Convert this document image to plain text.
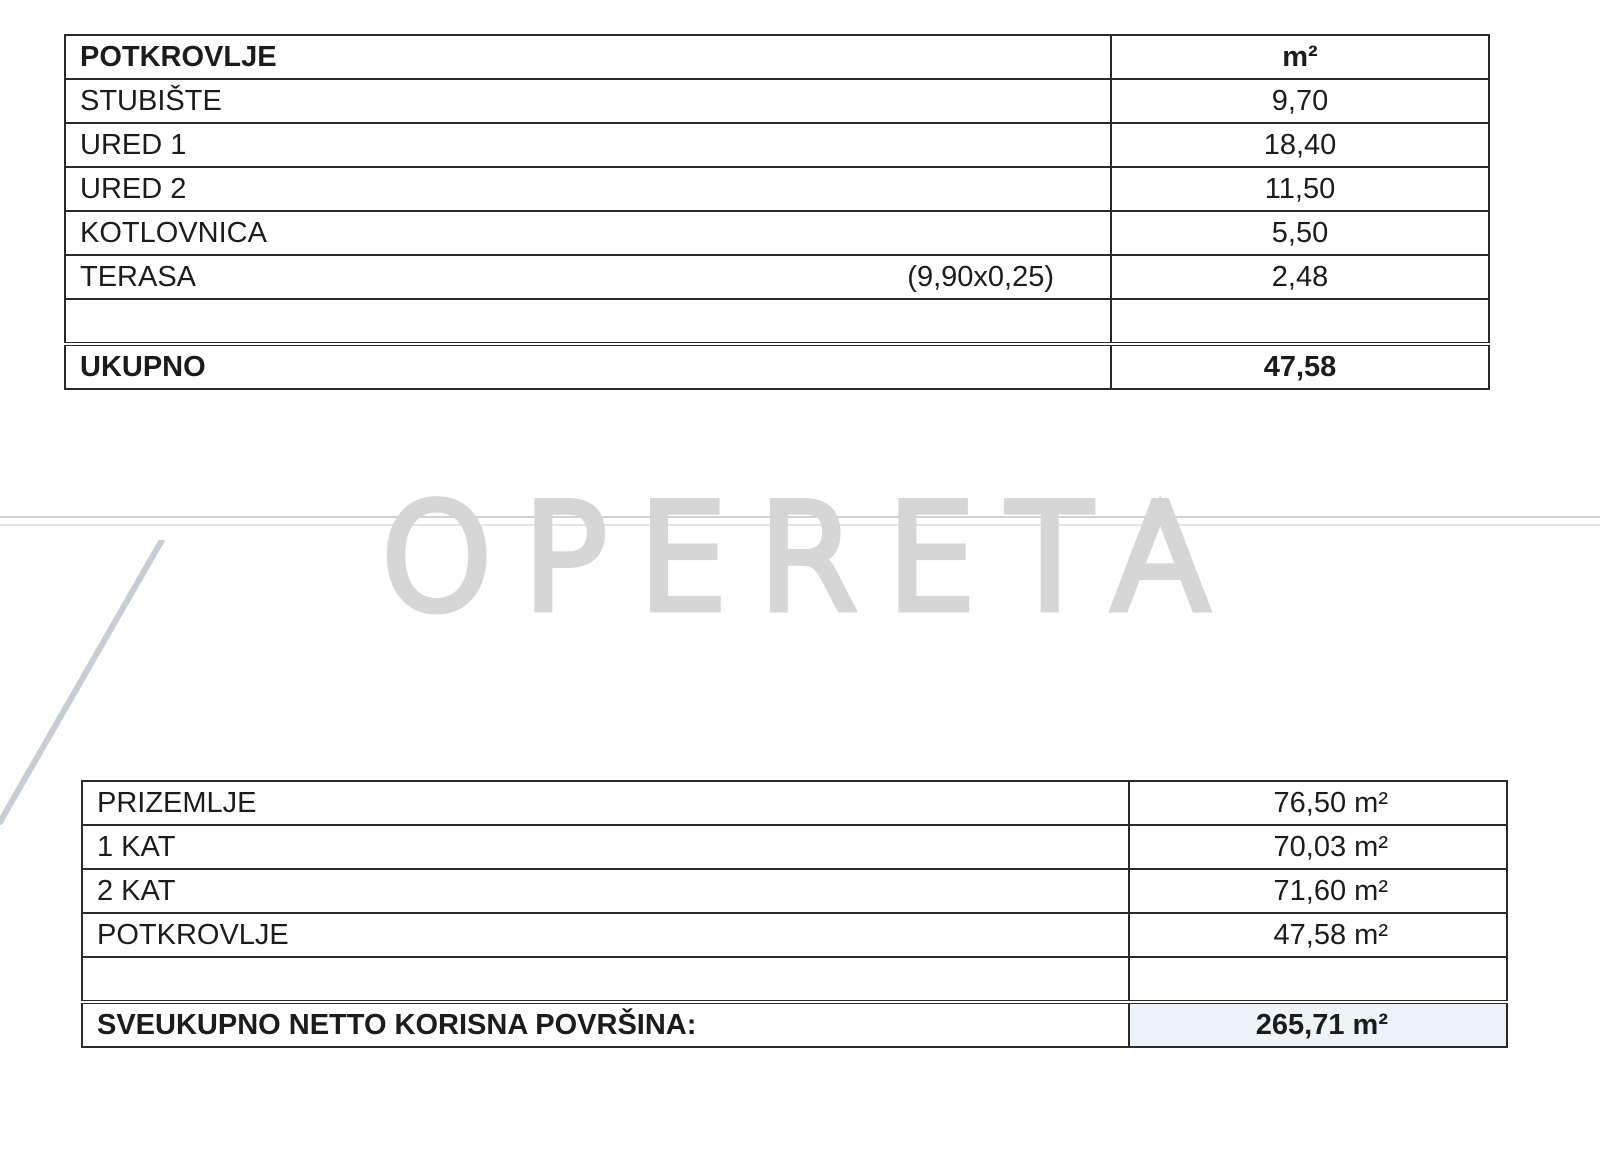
POTKROVLJE	m²

STUBIŠTE	9,70

URED 1	18,40

URED 2	11,50

KOTLOVNICA	5,50

TERASA (9,90x0,25)	2,48

UKUPNO	47,58
OPERETA
PRIZEMLJE	76,50 m²
1 KAT	70,03 m²
2 KAT	71,60 m²
POTKROVLJE	47,58 m²

SVEUKUPNO NETTO KORISNA POVRŠINA:	265,71 m²
